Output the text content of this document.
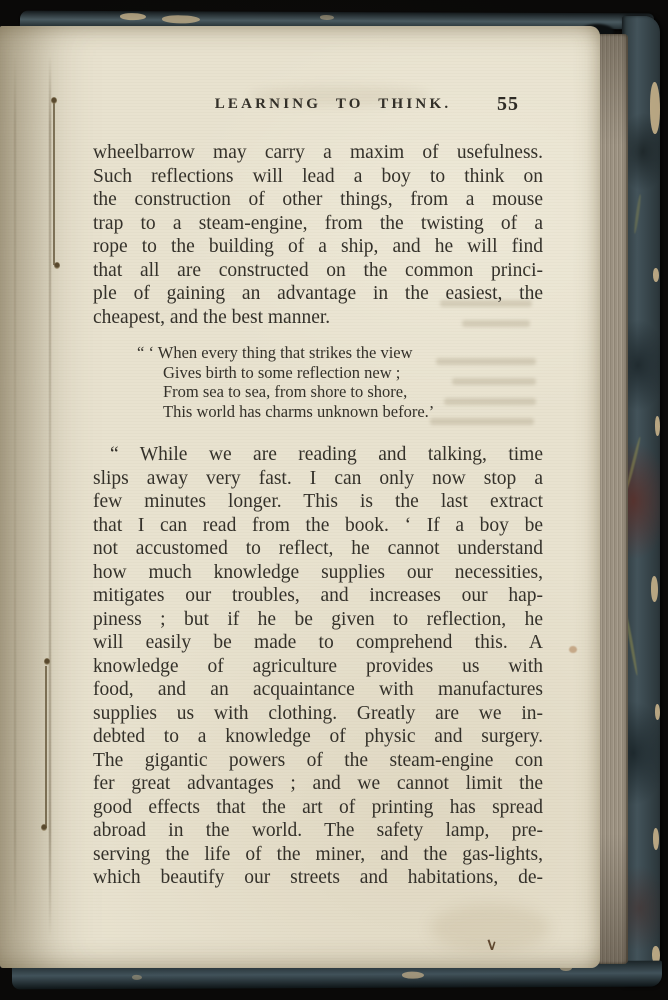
LEARNING TO THINK.	55
wheelbarrow may carry a maxim of usefulness.
Such reflections will lead a boy to think on
the construction of other things, from a mouse
trap to a steam-engine, from the twisting of a
rope to the building of a ship, and he will find
that all are constructed on the common princi-
ple of gaining an advantage in the easiest, the
cheapest, and the best manner.
“ ‘ When every thing that strikes the view
Gives birth to some reflection new ;
From sea to sea, from shore to shore,
This world has charms unknown before.’
“ While we are reading and talking, time
slips away very fast. I can only now stop a
few minutes longer. This is the last extract
that I can read from the book. ‘ If a boy be
not accustomed to reflect, he cannot understand
how much knowledge supplies our necessities,
mitigates our troubles, and increases our hap-
piness ; but if he be given to reflection, he
will easily be made to comprehend this. A
knowledge of agriculture provides us with
food, and an acquaintance with manufactures
supplies us with clothing. Greatly are we in-
debted to a knowledge of physic and surgery.
The gigantic powers of the steam-engine con
fer great advantages ; and we cannot limit the
good effects that the art of printing has spread
abroad in the world. The safety lamp, pre-
serving the life of the miner, and the gas-lights,
which beautify our streets and habitations, de-
